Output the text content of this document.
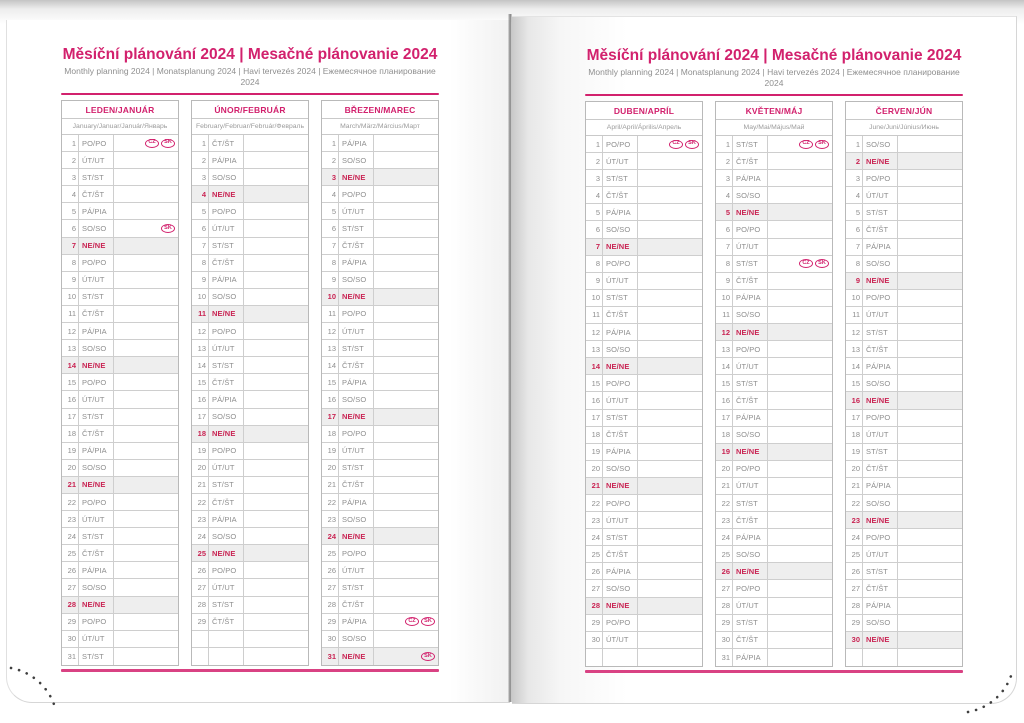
Měsíční plánování 2024 | Mesačné plánovanie 2024
Monthly planning 2024 | Monatsplanung 2024 | Havi tervezés 2024 | Ежемесячное планирование 2024
LEDEN/JANUÁR
January/Januar/Január/Январь
1 PO/PO	CZ	SK
2 ÚT/UT
3 ST/ST
4 ČT/ŠT
5 PÁ/PIA
6 SO/SO	SK
7 NE/NE
8 PO/PO
9 ÚT/UT
10 ST/ST
11 ČT/ŠT
12 PÁ/PIA
13 SO/SO
14 NE/NE
15 PO/PO
16 ÚT/UT
17 ST/ST
18 ČT/ŠT
19 PÁ/PIA
20 SO/SO
21 NE/NE
22 PO/PO
23 ÚT/UT
24 ST/ST
25 ČT/ŠT
26 PÁ/PIA
27 SO/SO
28 NE/NE
29 PO/PO
30 ÚT/UT
31 ST/ST
ÚNOR/FEBRUÁR
February/Februar/Február/Февраль
1 ČT/ŠT
2 PÁ/PIA
3 SO/SO
4 NE/NE
5 PO/PO
6 ÚT/UT
7 ST/ST
8 ČT/ŠT
9 PÁ/PIA
10 SO/SO
11 NE/NE
12 PO/PO
13 ÚT/UT
14 ST/ST
15 ČT/ŠT
16 PÁ/PIA
17 SO/SO
18 NE/NE
19 PO/PO
20 ÚT/UT
21 ST/ST
22 ČT/ŠT
23 PÁ/PIA
24 SO/SO
25 NE/NE
26 PO/PO
27 ÚT/UT
28 ST/ST
29 ČT/ŠT
BŘEZEN/MAREC
March/März/Március/Март
1 PÁ/PIA
2 SO/SO
3 NE/NE
4 PO/PO
5 ÚT/UT
6 ST/ST
7 ČT/ŠT
8 PÁ/PIA
9 SO/SO
10 NE/NE
11 PO/PO
12 ÚT/UT
13 ST/ST
14 ČT/ŠT
15 PÁ/PIA
16 SO/SO
17 NE/NE
18 PO/PO
19 ÚT/UT
20 ST/ST
21 ČT/ŠT
22 PÁ/PIA
23 SO/SO
24 NE/NE
25 PO/PO
26 ÚT/UT
27 ST/ST
28 ČT/ŠT
29 PÁ/PIA	CZ	SK
30 SO/SO
31 NE/NE	SK
Měsíční plánování 2024 | Mesačné plánovanie 2024
Monthly planning 2024 | Monatsplanung 2024 | Havi tervezés 2024 | Ежемесячное планирование 2024
DUBEN/APRÍL
April/April/Április/Апрель
1 PO/PO	CZ	SK
2 ÚT/UT
3 ST/ST
4 ČT/ŠT
5 PÁ/PIA
6 SO/SO
7 NE/NE
8 PO/PO
9 ÚT/UT
10 ST/ST
11 ČT/ŠT
12 PÁ/PIA
13 SO/SO
14 NE/NE
15 PO/PO
16 ÚT/UT
17 ST/ST
18 ČT/ŠT
19 PÁ/PIA
20 SO/SO
21 NE/NE
22 PO/PO
23 ÚT/UT
24 ST/ST
25 ČT/ŠT
26 PÁ/PIA
27 SO/SO
28 NE/NE
29 PO/PO
30 ÚT/UT
KVĚTEN/MÁJ
May/Mai/Május/Май
1 ST/ST	CZ	SK
2 ČT/ŠT
3 PÁ/PIA
4 SO/SO
5 NE/NE
6 PO/PO
7 ÚT/UT
8 ST/ST	CZ	SK
9 ČT/ŠT
10 PÁ/PIA
11 SO/SO
12 NE/NE
13 PO/PO
14 ÚT/UT
15 ST/ST
16 ČT/ŠT
17 PÁ/PIA
18 SO/SO
19 NE/NE
20 PO/PO
21 ÚT/UT
22 ST/ST
23 ČT/ŠT
24 PÁ/PIA
25 SO/SO
26 NE/NE
27 PO/PO
28 ÚT/UT
29 ST/ST
30 ČT/ŠT
31 PÁ/PIA
ČERVEN/JÚN
June/Juni/Június/Июнь
1 SO/SO
2 NE/NE
3 PO/PO
4 ÚT/UT
5 ST/ST
6 ČT/ŠT
7 PÁ/PIA
8 SO/SO
9 NE/NE
10 PO/PO
11 ÚT/UT
12 ST/ST
13 ČT/ŠT
14 PÁ/PIA
15 SO/SO
16 NE/NE
17 PO/PO
18 ÚT/UT
19 ST/ST
20 ČT/ŠT
21 PÁ/PIA
22 SO/SO
23 NE/NE
24 PO/PO
25 ÚT/UT
26 ST/ST
27 ČT/ŠT
28 PÁ/PIA
29 SO/SO
30 NE/NE
